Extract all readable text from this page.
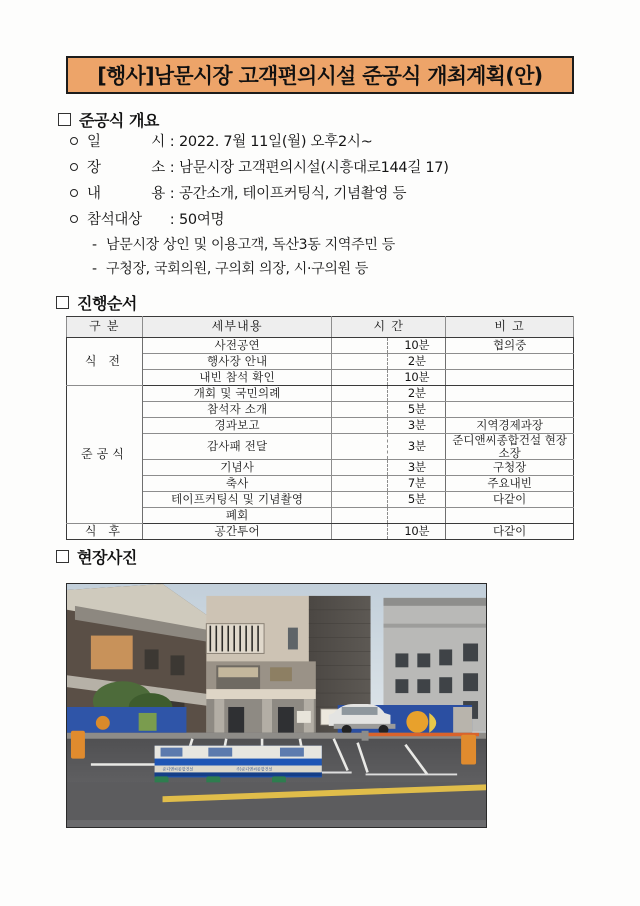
[행사]남문시장 고객편의시설 준공식 개최계획(안)
준공식 개요
일	시 : 2022. 7월 11일(월) 오후2시~
장	소 : 남문시장 고객편의시설(시흥대로144길 17)
내	용 : 공간소개, 테이프커팅식, 기념촬영 등
참석대상	: 50여명
- 남문시장 상인 및 이용고객, 독산3동 지역주민 등
- 구청장, 국회의원, 구의회 의장, 시·구의원 등
진행순서
구 분	세부내용	시 간		비 고
식 전	사전공연		10분	협의중
	행사장 안내		2분	
	내빈 참석 확인		10분	
준공식	개회 및 국민의례		2분	
	참석자 소개		5분	
	경과보고		3분	지역경제과장
	감사패 전달		3분	준디앤씨종합건설 현장소장
	기념사		3분	구청장
	축사		7분	주요내빈
	테이프커팅식 및 기념촬영		5분	다같이
	폐회			
식 후	공간투어		10분	다같이
현장사진
준디앤씨종합건설	주)준디앤씨종합건설
